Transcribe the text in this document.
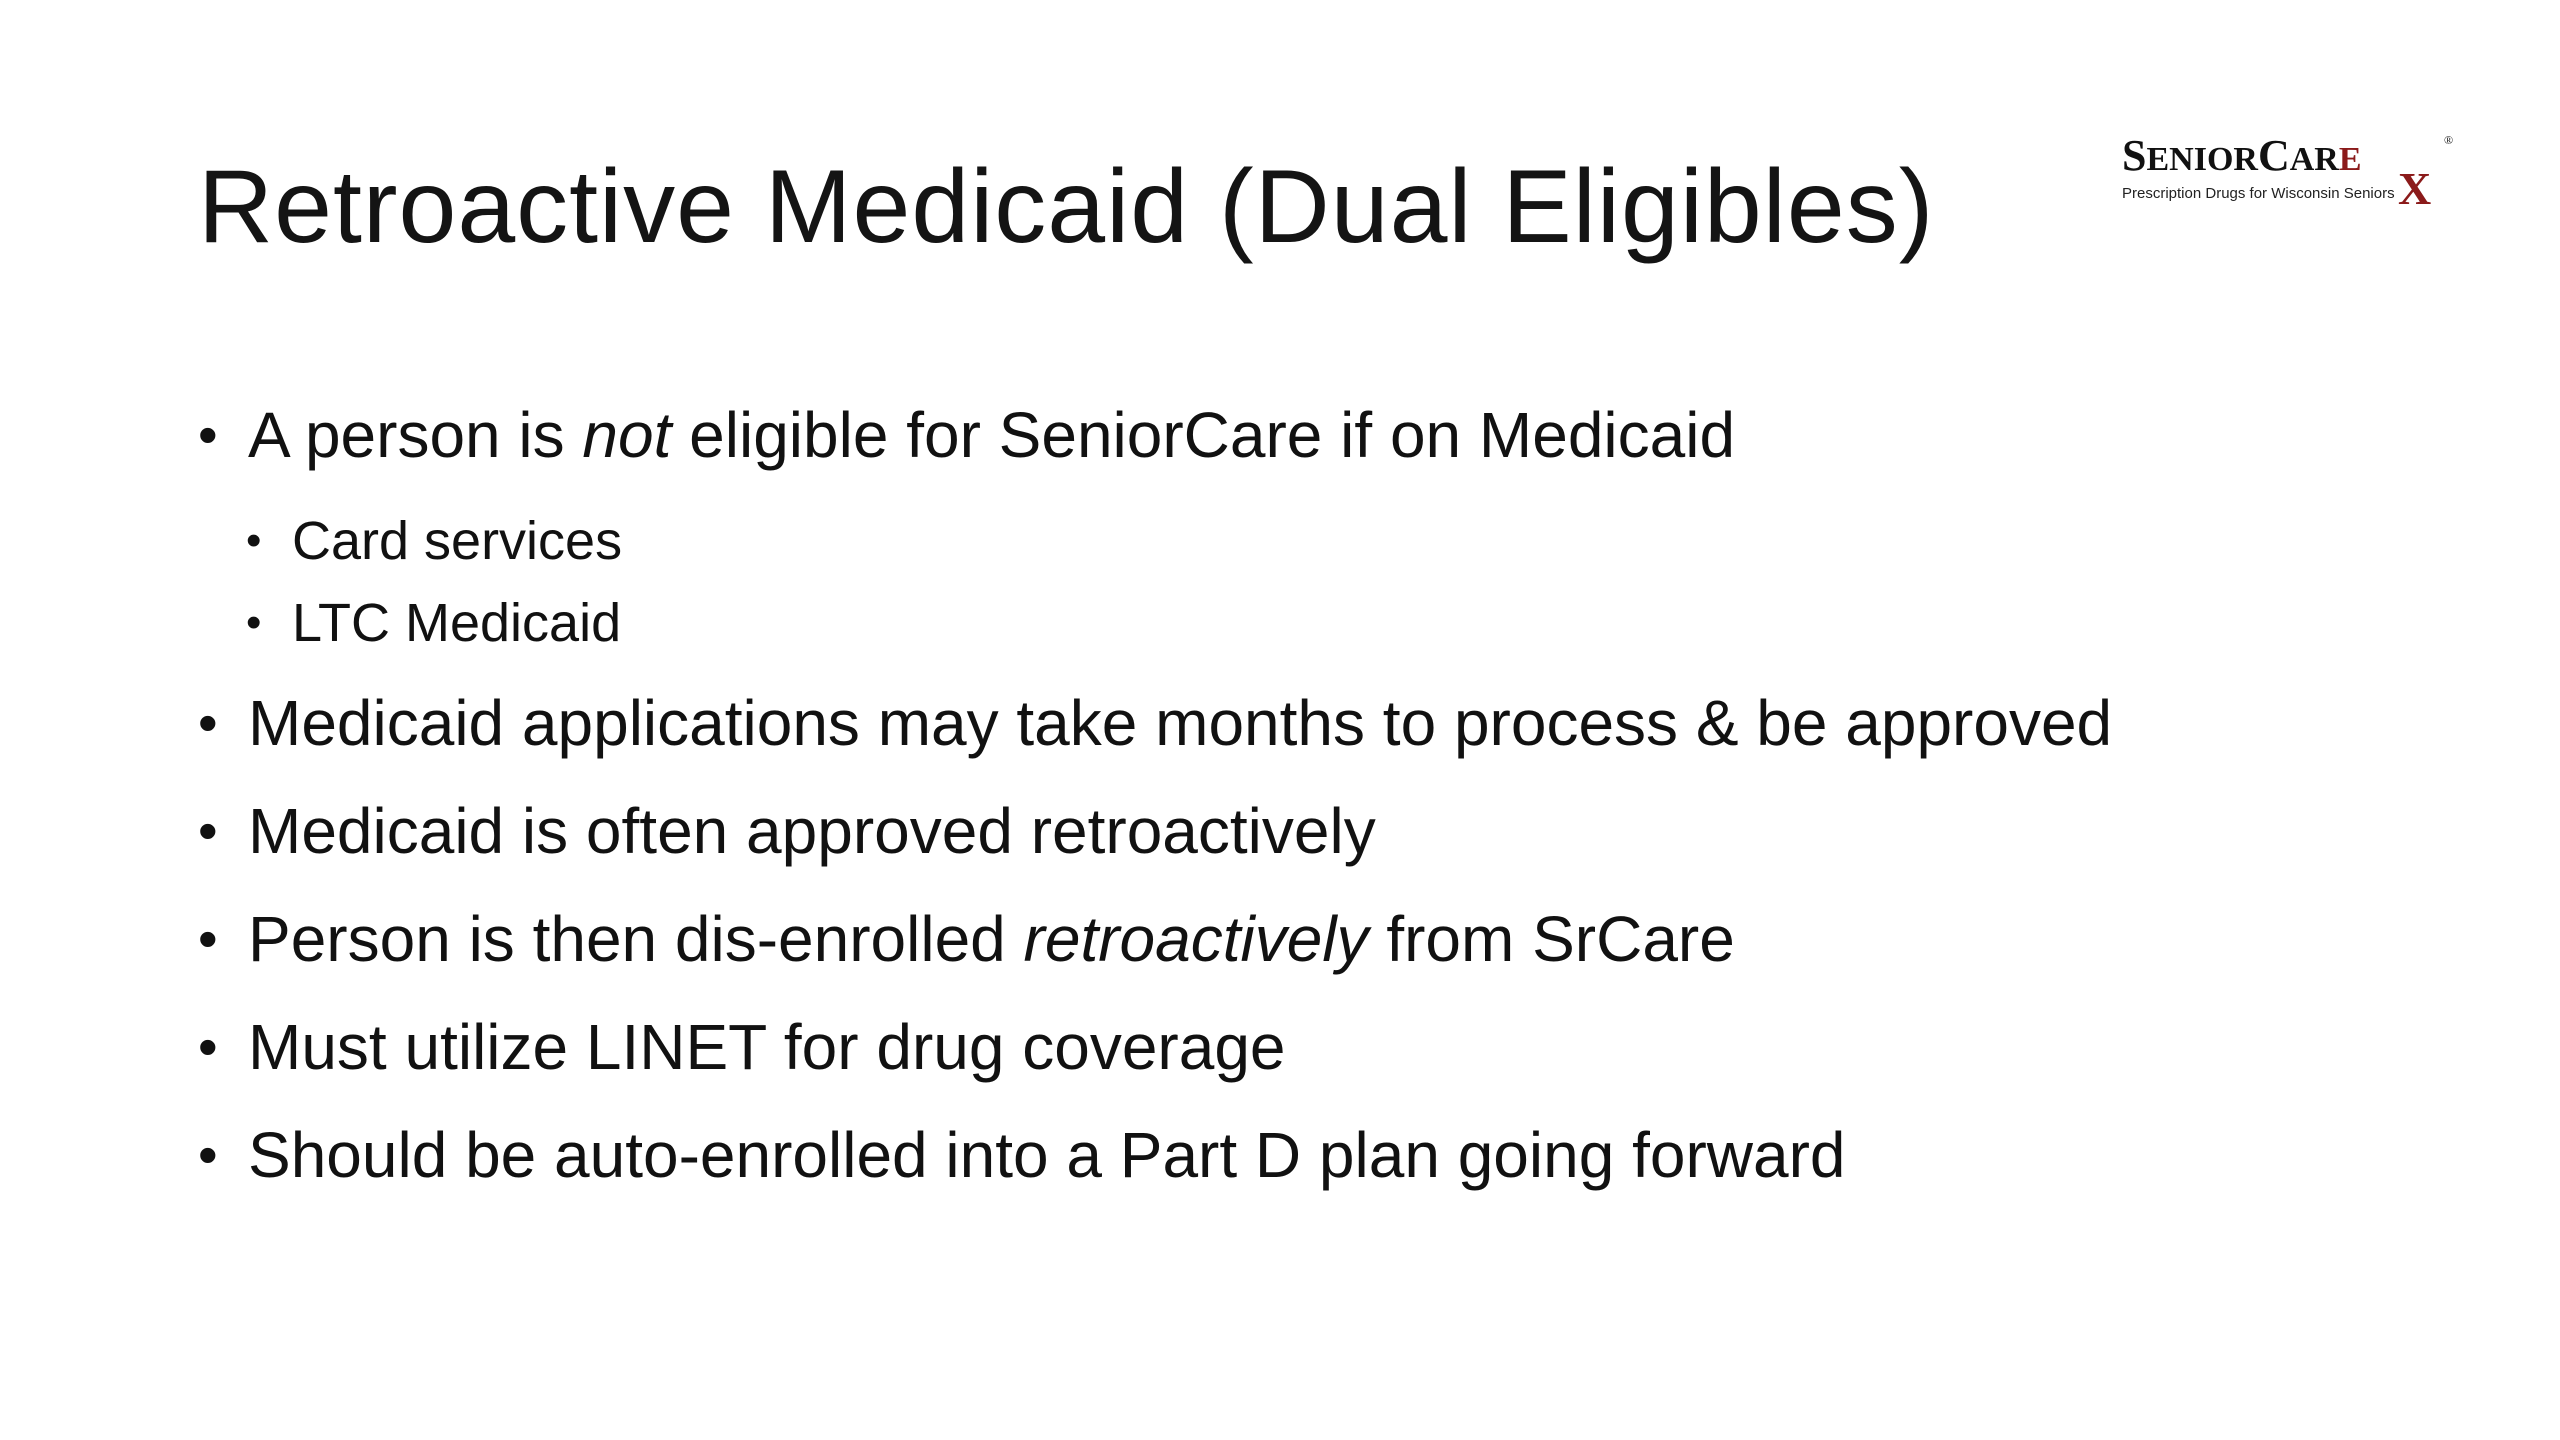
Retroactive Medicaid (Dual Eligibles)	SENIORCARE
®
X
Prescription Drugs for Wisconsin Seniors
• A person is not eligible for SeniorCare if on Medicaid
• Card services
• LTC Medicaid
• Medicaid applications may take months to process & be approved
• Medicaid is often approved retroactively
• Person is then dis-enrolled retroactively from SrCare
• Must utilize LINET for drug coverage
• Should be auto-enrolled into a Part D plan going forward
